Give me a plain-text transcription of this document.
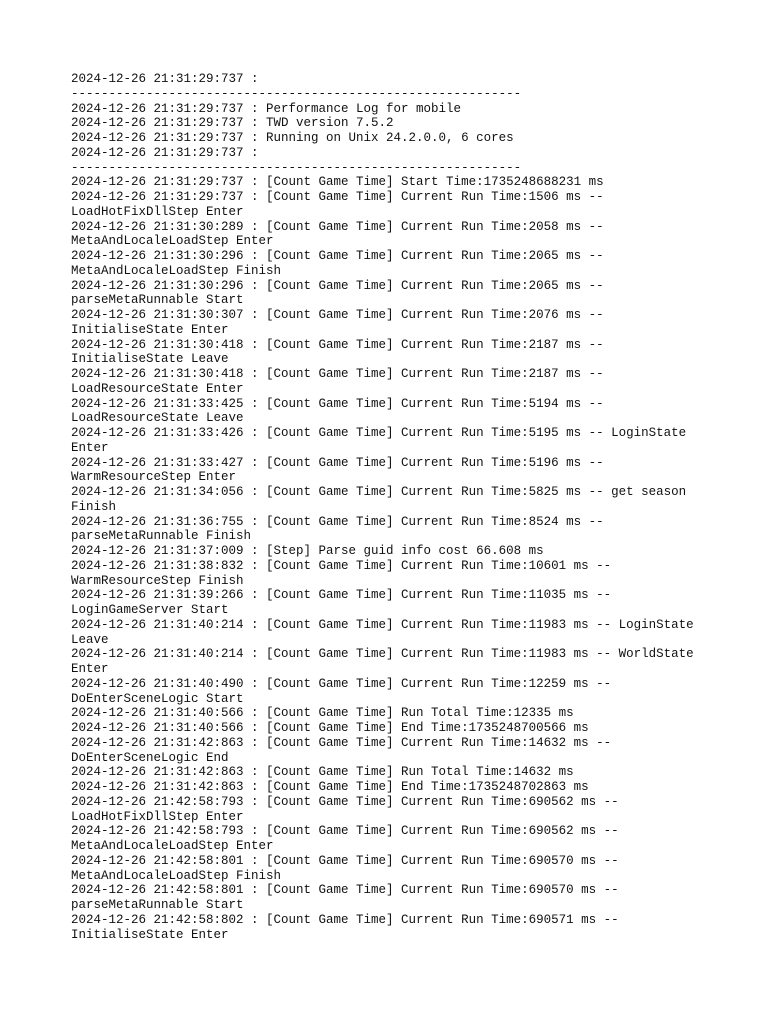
2024-12-26 21:31:29:737 :
------------------------------------------------------------
2024-12-26 21:31:29:737 : Performance Log for mobile
2024-12-26 21:31:29:737 : TWD version 7.5.2
2024-12-26 21:31:29:737 : Running on Unix 24.2.0.0, 6 cores
2024-12-26 21:31:29:737 :
------------------------------------------------------------
2024-12-26 21:31:29:737 : [Count Game Time] Start Time:1735248688231 ms
2024-12-26 21:31:29:737 : [Count Game Time] Current Run Time:1506 ms --
LoadHotFixDllStep Enter
2024-12-26 21:31:30:289 : [Count Game Time] Current Run Time:2058 ms --
MetaAndLocaleLoadStep Enter
2024-12-26 21:31:30:296 : [Count Game Time] Current Run Time:2065 ms --
MetaAndLocaleLoadStep Finish
2024-12-26 21:31:30:296 : [Count Game Time] Current Run Time:2065 ms --
parseMetaRunnable Start
2024-12-26 21:31:30:307 : [Count Game Time] Current Run Time:2076 ms --
InitialiseState Enter
2024-12-26 21:31:30:418 : [Count Game Time] Current Run Time:2187 ms --
InitialiseState Leave
2024-12-26 21:31:30:418 : [Count Game Time] Current Run Time:2187 ms --
LoadResourceState Enter
2024-12-26 21:31:33:425 : [Count Game Time] Current Run Time:5194 ms --
LoadResourceState Leave
2024-12-26 21:31:33:426 : [Count Game Time] Current Run Time:5195 ms -- LoginState
Enter
2024-12-26 21:31:33:427 : [Count Game Time] Current Run Time:5196 ms --
WarmResourceStep Enter
2024-12-26 21:31:34:056 : [Count Game Time] Current Run Time:5825 ms -- get season
Finish
2024-12-26 21:31:36:755 : [Count Game Time] Current Run Time:8524 ms --
parseMetaRunnable Finish
2024-12-26 21:31:37:009 : [Step] Parse guid info cost 66.608 ms
2024-12-26 21:31:38:832 : [Count Game Time] Current Run Time:10601 ms --
WarmResourceStep Finish
2024-12-26 21:31:39:266 : [Count Game Time] Current Run Time:11035 ms --
LoginGameServer Start
2024-12-26 21:31:40:214 : [Count Game Time] Current Run Time:11983 ms -- LoginState
Leave
2024-12-26 21:31:40:214 : [Count Game Time] Current Run Time:11983 ms -- WorldState
Enter
2024-12-26 21:31:40:490 : [Count Game Time] Current Run Time:12259 ms --
DoEnterSceneLogic Start
2024-12-26 21:31:40:566 : [Count Game Time] Run Total Time:12335 ms
2024-12-26 21:31:40:566 : [Count Game Time] End Time:1735248700566 ms
2024-12-26 21:31:42:863 : [Count Game Time] Current Run Time:14632 ms --
DoEnterSceneLogic End
2024-12-26 21:31:42:863 : [Count Game Time] Run Total Time:14632 ms
2024-12-26 21:31:42:863 : [Count Game Time] End Time:1735248702863 ms
2024-12-26 21:42:58:793 : [Count Game Time] Current Run Time:690562 ms --
LoadHotFixDllStep Enter
2024-12-26 21:42:58:793 : [Count Game Time] Current Run Time:690562 ms --
MetaAndLocaleLoadStep Enter
2024-12-26 21:42:58:801 : [Count Game Time] Current Run Time:690570 ms --
MetaAndLocaleLoadStep Finish
2024-12-26 21:42:58:801 : [Count Game Time] Current Run Time:690570 ms --
parseMetaRunnable Start
2024-12-26 21:42:58:802 : [Count Game Time] Current Run Time:690571 ms --
InitialiseState Enter
